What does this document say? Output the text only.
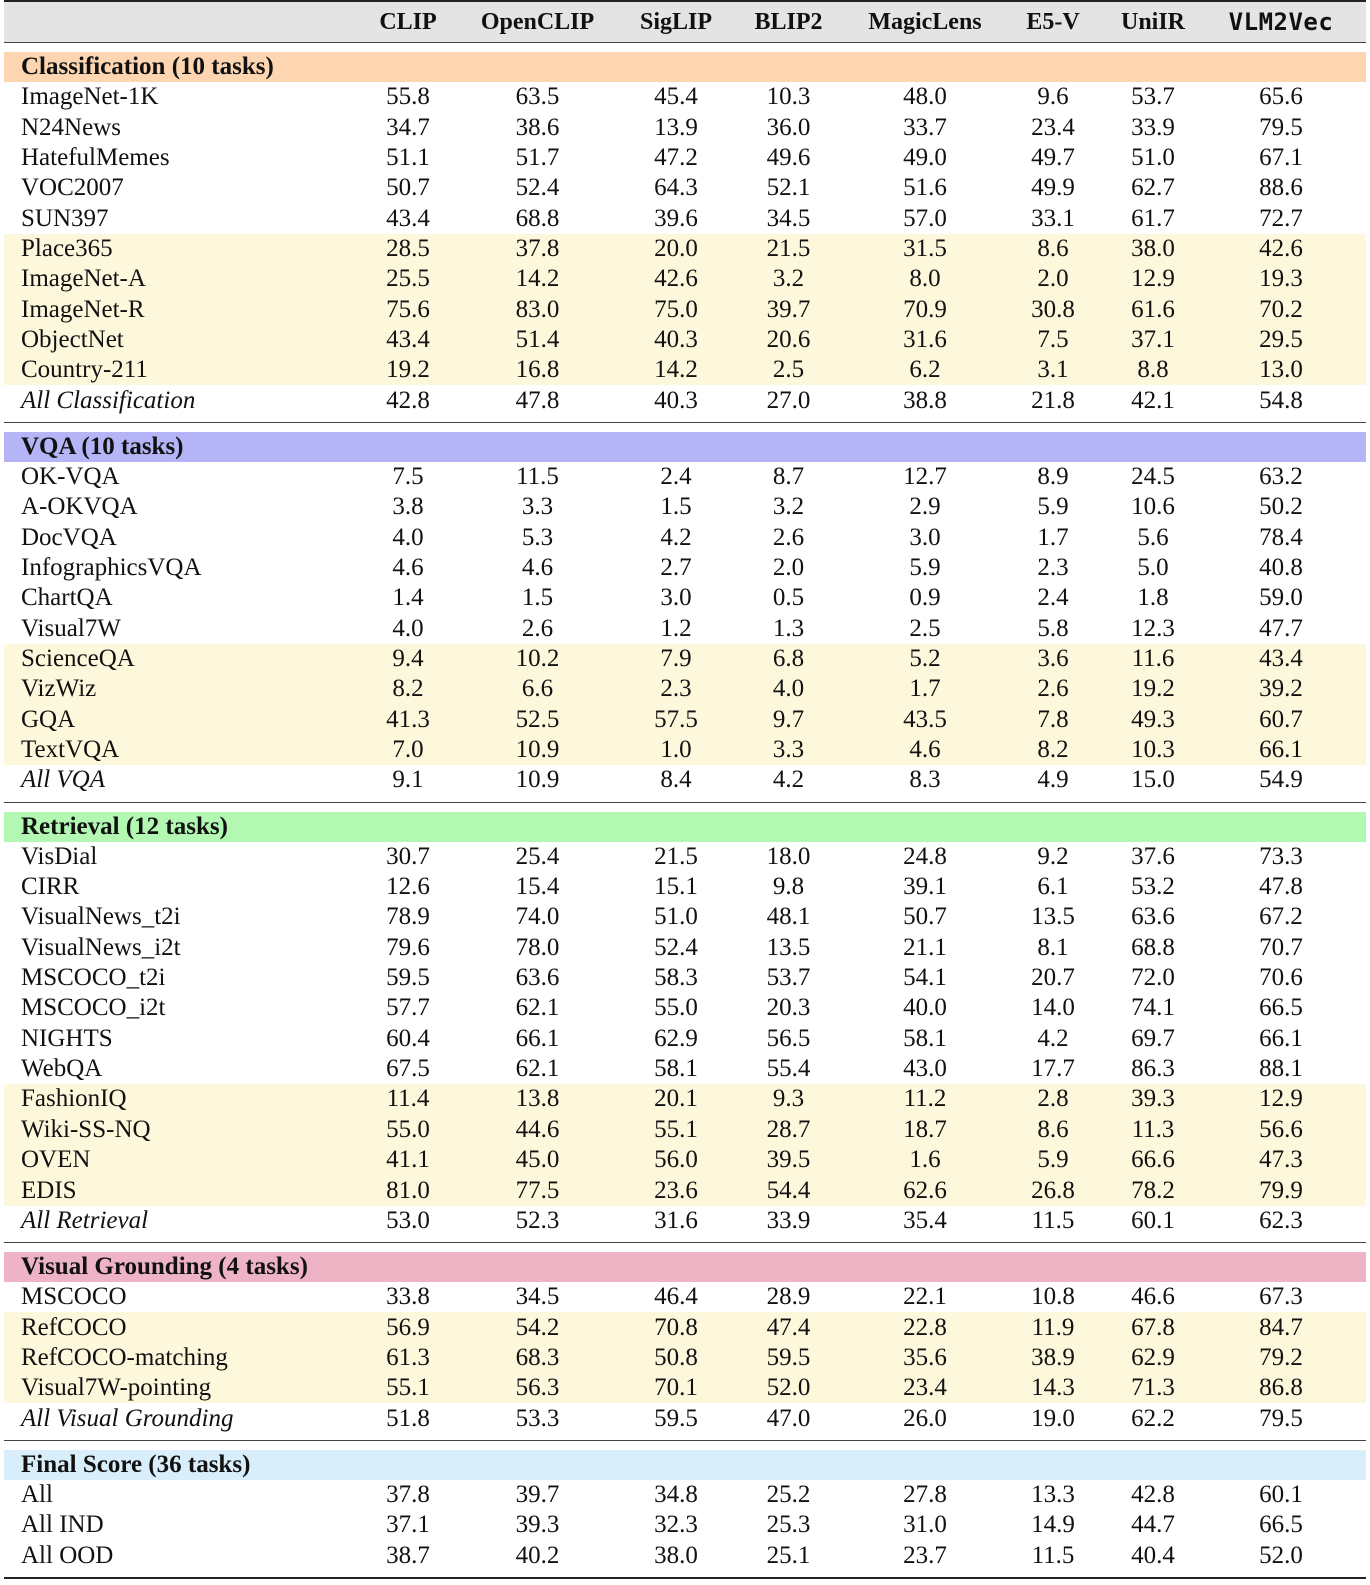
CLIP	OpenCLIP	SigLIP	BLIP2	MagicLens	E5-V	UniIR	VLM2Vec
Classification (10 tasks)
ImageNet-1K	55.8	63.5	45.4	10.3	48.0	9.6	53.7	65.6
N24News	34.7	38.6	13.9	36.0	33.7	23.4	33.9	79.5
HatefulMemes	51.1	51.7	47.2	49.6	49.0	49.7	51.0	67.1
VOC2007	50.7	52.4	64.3	52.1	51.6	49.9	62.7	88.6
SUN397	43.4	68.8	39.6	34.5	57.0	33.1	61.7	72.7
Place365	28.5	37.8	20.0	21.5	31.5	8.6	38.0	42.6
ImageNet-A	25.5	14.2	42.6	3.2	8.0	2.0	12.9	19.3
ImageNet-R	75.6	83.0	75.0	39.7	70.9	30.8	61.6	70.2
ObjectNet	43.4	51.4	40.3	20.6	31.6	7.5	37.1	29.5
Country-211	19.2	16.8	14.2	2.5	6.2	3.1	8.8	13.0
All Classification	42.8	47.8	40.3	27.0	38.8	21.8	42.1	54.8
VQA (10 tasks)
OK-VQA	7.5	11.5	2.4	8.7	12.7	8.9	24.5	63.2
A-OKVQA	3.8	3.3	1.5	3.2	2.9	5.9	10.6	50.2
DocVQA	4.0	5.3	4.2	2.6	3.0	1.7	5.6	78.4
InfographicsVQA	4.6	4.6	2.7	2.0	5.9	2.3	5.0	40.8
ChartQA	1.4	1.5	3.0	0.5	0.9	2.4	1.8	59.0
Visual7W	4.0	2.6	1.2	1.3	2.5	5.8	12.3	47.7
ScienceQA	9.4	10.2	7.9	6.8	5.2	3.6	11.6	43.4
VizWiz	8.2	6.6	2.3	4.0	1.7	2.6	19.2	39.2
GQA	41.3	52.5	57.5	9.7	43.5	7.8	49.3	60.7
TextVQA	7.0	10.9	1.0	3.3	4.6	8.2	10.3	66.1
All VQA	9.1	10.9	8.4	4.2	8.3	4.9	15.0	54.9
Retrieval (12 tasks)
VisDial	30.7	25.4	21.5	18.0	24.8	9.2	37.6	73.3
CIRR	12.6	15.4	15.1	9.8	39.1	6.1	53.2	47.8
VisualNews_t2i	78.9	74.0	51.0	48.1	50.7	13.5	63.6	67.2
VisualNews_i2t	79.6	78.0	52.4	13.5	21.1	8.1	68.8	70.7
MSCOCO_t2i	59.5	63.6	58.3	53.7	54.1	20.7	72.0	70.6
MSCOCO_i2t	57.7	62.1	55.0	20.3	40.0	14.0	74.1	66.5
NIGHTS	60.4	66.1	62.9	56.5	58.1	4.2	69.7	66.1
WebQA	67.5	62.1	58.1	55.4	43.0	17.7	86.3	88.1
FashionIQ	11.4	13.8	20.1	9.3	11.2	2.8	39.3	12.9
Wiki-SS-NQ	55.0	44.6	55.1	28.7	18.7	8.6	11.3	56.6
OVEN	41.1	45.0	56.0	39.5	1.6	5.9	66.6	47.3
EDIS	81.0	77.5	23.6	54.4	62.6	26.8	78.2	79.9
All Retrieval	53.0	52.3	31.6	33.9	35.4	11.5	60.1	62.3
Visual Grounding (4 tasks)
MSCOCO	33.8	34.5	46.4	28.9	22.1	10.8	46.6	67.3
RefCOCO	56.9	54.2	70.8	47.4	22.8	11.9	67.8	84.7
RefCOCO-matching	61.3	68.3	50.8	59.5	35.6	38.9	62.9	79.2
Visual7W-pointing	55.1	56.3	70.1	52.0	23.4	14.3	71.3	86.8
All Visual Grounding	51.8	53.3	59.5	47.0	26.0	19.0	62.2	79.5
Final Score (36 tasks)
All	37.8	39.7	34.8	25.2	27.8	13.3	42.8	60.1
All IND	37.1	39.3	32.3	25.3	31.0	14.9	44.7	66.5
All OOD	38.7	40.2	38.0	25.1	23.7	11.5	40.4	52.0
